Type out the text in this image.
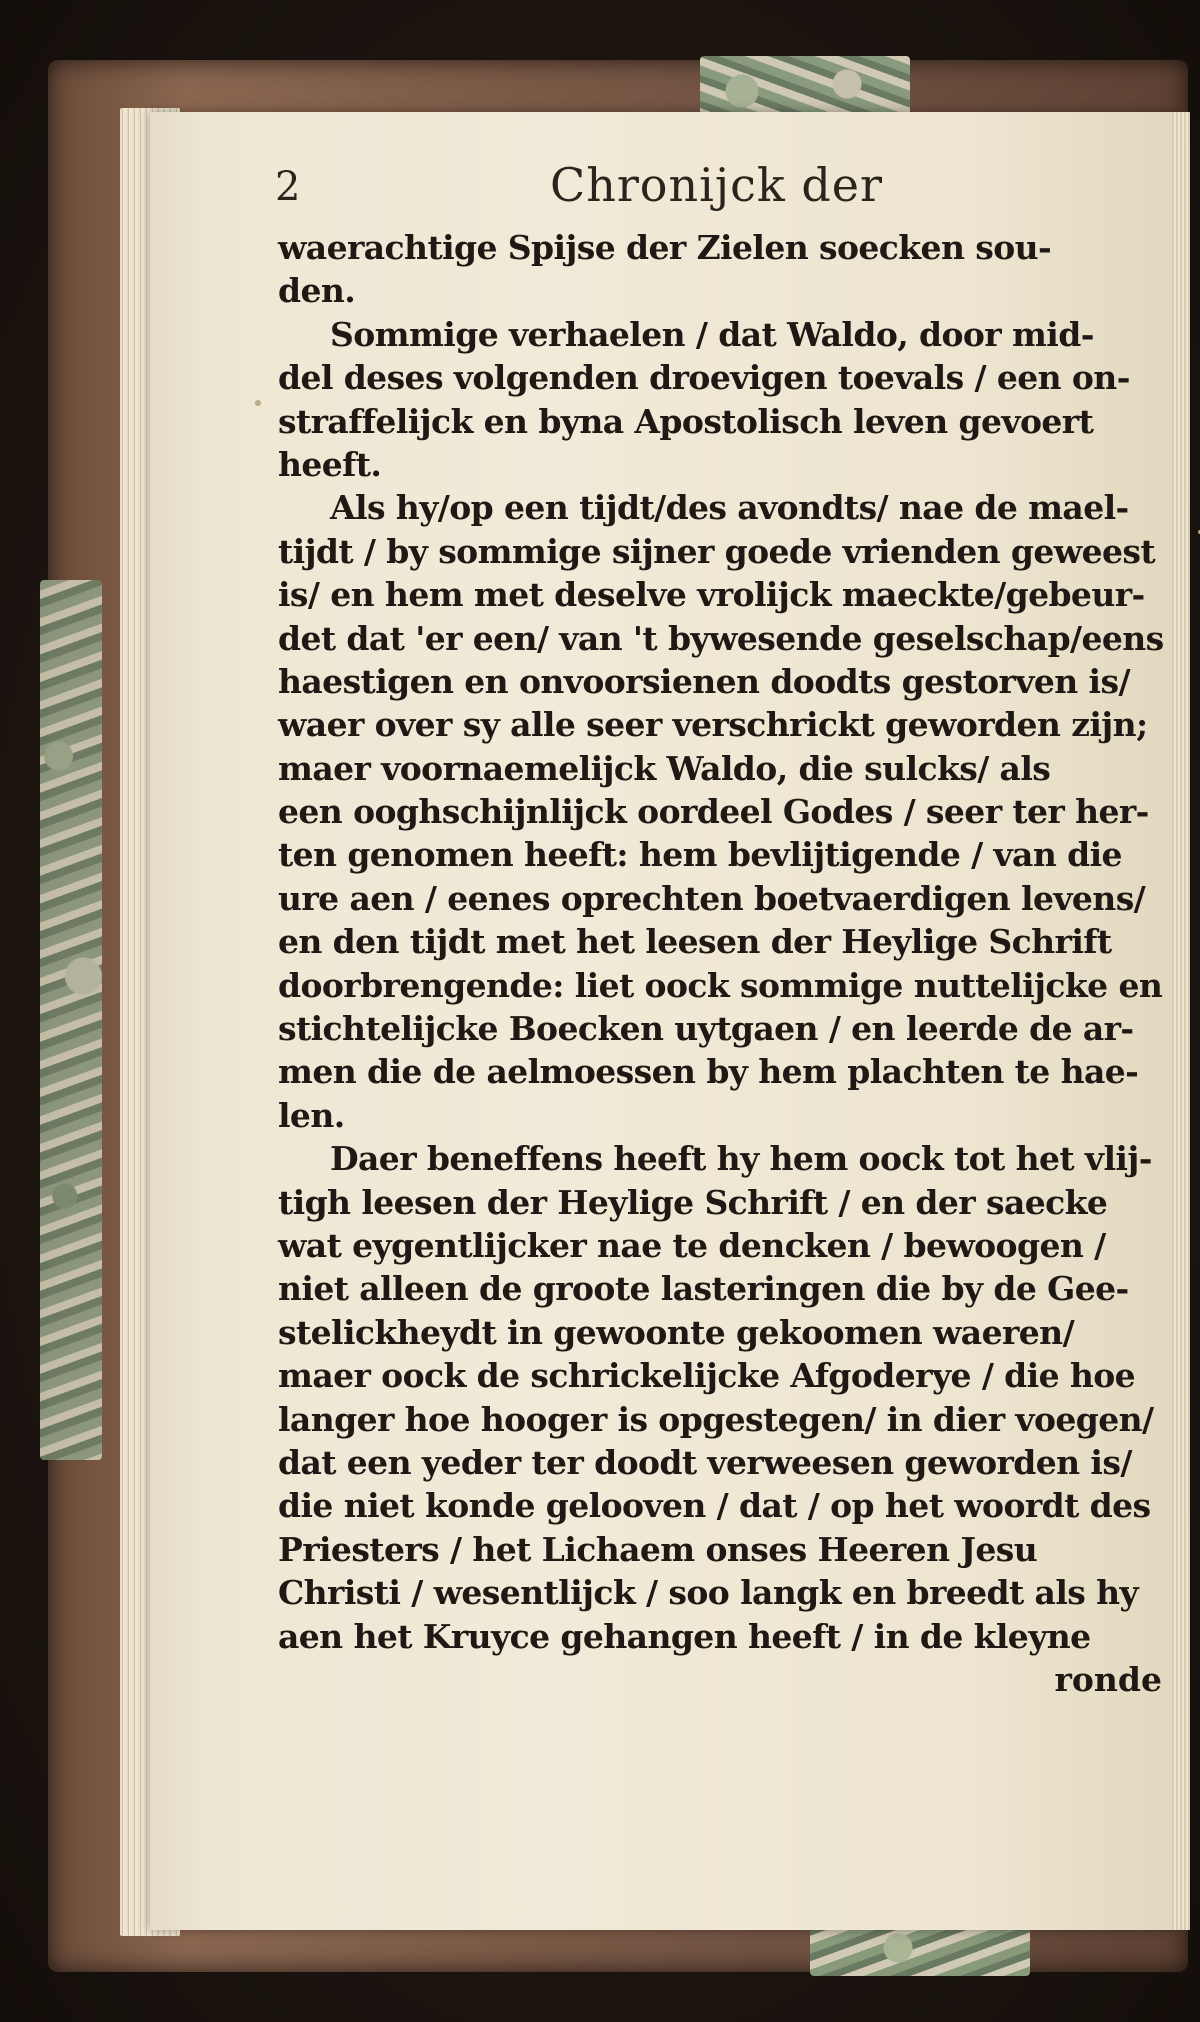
2	Chronijck der
waerachtige Spijse der Zielen soecken sou-
den.
Sommige verhaelen / dat Waldo, door mid-
del deses volgenden droevigen toevals / een on-
straffelijck en byna Apostolisch leven gevoert
heeft.
Als hy/op een tijdt/des avondts/ nae de mael-
tijdt / by sommige sijner goede vrienden geweest
is/ en hem met deselve vrolijck maeckte/gebeur-
det dat 'er een/ van 't bywesende geselschap/eens
haestigen en onvoorsienen doodts gestorven is/
waer over sy alle seer verschrickt geworden zijn;
maer voornaemelijck Waldo, die sulcks/ als
een ooghschijnlijck oordeel Godes / seer ter her-
ten genomen heeft: hem bevlijtigende / van die
ure aen / eenes oprechten boetvaerdigen levens/
en den tijdt met het leesen der Heylige Schrift
doorbrengende: liet oock sommige nuttelijcke en
stichtelijcke Boecken uytgaen / en leerde de ar-
men die de aelmoessen by hem plachten te hae-
len.
Daer beneffens heeft hy hem oock tot het vlij-
tigh leesen der Heylige Schrift / en der saecke
wat eygentlijcker nae te dencken / bewoogen /
niet alleen de groote lasteringen die by de Gee-
stelickheydt in gewoonte gekoomen waeren/
maer oock de schrickelijcke Afgoderye / die hoe
langer hoe hooger is opgestegen/ in dier voegen/
dat een yeder ter doodt verweesen geworden is/
die niet konde gelooven / dat / op het woordt des
Priesters / het Lichaem onses Heeren Jesu
Christi / wesentlijck / soo langk en breedt als hy
aen het Kruyce gehangen heeft / in de kleyne
ronde
